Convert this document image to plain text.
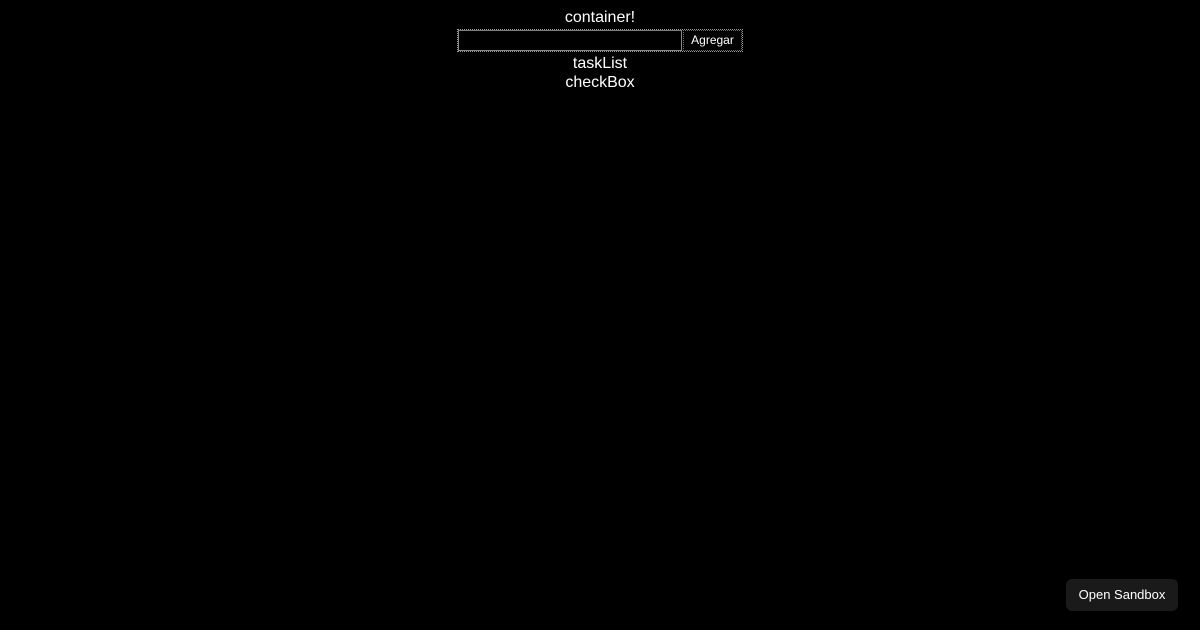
container!
Agregar
taskList
checkBox
Open Sandbox
